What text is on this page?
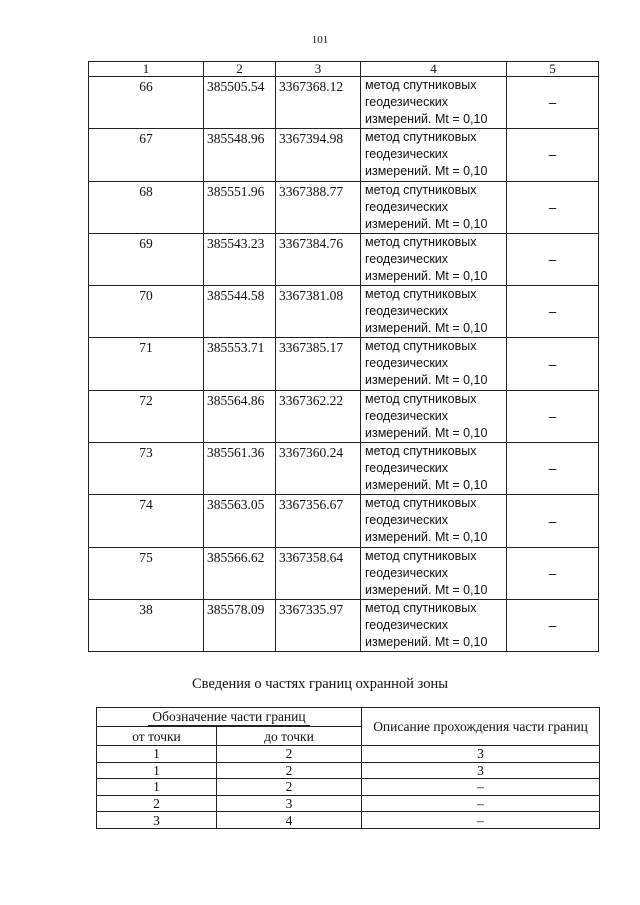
101
1	2	3	4	5
66	385505.54	3367368.12	метод спутниковых
геодезических
измерений. Mt = 0,10	–
67	385548.96	3367394.98	метод спутниковых
геодезических
измерений. Mt = 0,10	–
68	385551.96	3367388.77	метод спутниковых
геодезических
измерений. Mt = 0,10	–
69	385543.23	3367384.76	метод спутниковых
геодезических
измерений. Mt = 0,10	–
70	385544.58	3367381.08	метод спутниковых
геодезических
измерений. Mt = 0,10	–
71	385553.71	3367385.17	метод спутниковых
геодезических
измерений. Mt = 0,10	–
72	385564.86	3367362.22	метод спутниковых
геодезических
измерений. Mt = 0,10	–
73	385561.36	3367360.24	метод спутниковых
геодезических
измерений. Mt = 0,10	–
74	385563.05	3367356.67	метод спутниковых
геодезических
измерений. Mt = 0,10	–
75	385566.62	3367358.64	метод спутниковых
геодезических
измерений. Mt = 0,10	–
38	385578.09	3367335.97	метод спутниковых
геодезических
измерений. Mt = 0,10	–
Сведения о частях границ охранной зоны
Обозначение части границ		Описание прохождения части границ
от точки	до точки	
1	2	3
1	2	3
1	2	–
2	3	–
3	4	–
